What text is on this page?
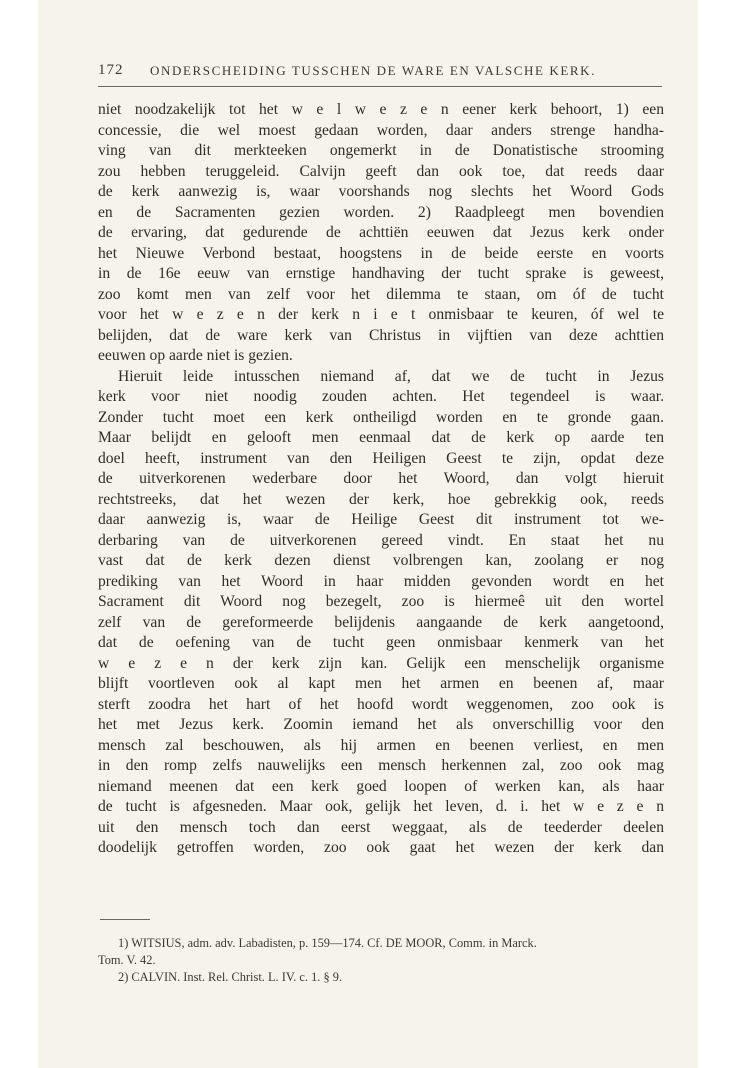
172 ONDERSCHEIDING TUSSCHEN DE WARE EN VALSCHE KERK.
niet noodzakelijk tot het w e l w e z e n eener kerk behoort, 1) een
concessie, die wel moest gedaan worden, daar anders strenge handha-
ving van dit merkteeken ongemerkt in de Donatistische strooming
zou hebben teruggeleid. Calvijn geeft dan ook toe, dat reeds daar
de kerk aanwezig is, waar voorshands nog slechts het Woord Gods
en de Sacramenten gezien worden. 2) Raadpleegt men bovendien
de ervaring, dat gedurende de achttiën eeuwen dat Jezus kerk onder
het Nieuwe Verbond bestaat, hoogstens in de beide eerste en voorts
in de 16e eeuw van ernstige handhaving der tucht sprake is geweest,
zoo komt men van zelf voor het dilemma te staan, om óf de tucht
voor het w e z e n der kerk n i e t onmisbaar te keuren, óf wel te
belijden, dat de ware kerk van Christus in vijftien van deze achttien
eeuwen op aarde niet is gezien.
Hieruit leide intusschen niemand af, dat we de tucht in Jezus
kerk voor niet noodig zouden achten. Het tegendeel is waar.
Zonder tucht moet een kerk ontheiligd worden en te gronde gaan.
Maar belijdt en gelooft men eenmaal dat de kerk op aarde ten
doel heeft, instrument van den Heiligen Geest te zijn, opdat deze
de uitverkorenen wederbare door het Woord, dan volgt hieruit
rechtstreeks, dat het wezen der kerk, hoe gebrekkig ook, reeds
daar aanwezig is, waar de Heilige Geest dit instrument tot we-
derbaring van de uitverkorenen gereed vindt. En staat het nu
vast dat de kerk dezen dienst volbrengen kan, zoolang er nog
prediking van het Woord in haar midden gevonden wordt en het
Sacrament dit Woord nog bezegelt, zoo is hiermeê uit den wortel
zelf van de gereformeerde belijdenis aangaande de kerk aangetoond,
dat de oefening van de tucht geen onmisbaar kenmerk van het
w e z e n der kerk zijn kan. Gelijk een menschelijk organisme
blijft voortleven ook al kapt men het armen en beenen af, maar
sterft zoodra het hart of het hoofd wordt weggenomen, zoo ook is
het met Jezus kerk. Zoomin iemand het als onverschillig voor den
mensch zal beschouwen, als hij armen en beenen verliest, en men
in den romp zelfs nauwelijks een mensch herkennen zal, zoo ook mag
niemand meenen dat een kerk goed loopen of werken kan, als haar
de tucht is afgesneden. Maar ook, gelijk het leven, d. i. het w e z e n
uit den mensch toch dan eerst weggaat, als de teederder deelen
doodelijk getroffen worden, zoo ook gaat het wezen der kerk dan
1) WITSIUS, adm. adv. Labadisten, p. 159—174. Cf. DE MOOR, Comm. in Marck.
Tom. V. 42.
2) CALVIN. Inst. Rel. Christ. L. IV. c. 1. § 9.
